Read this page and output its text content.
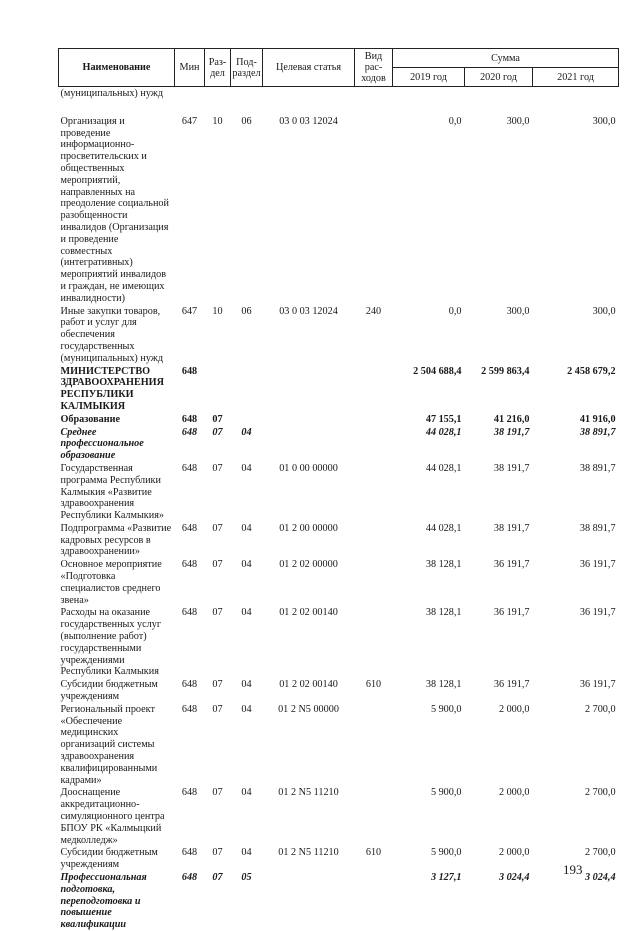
Наименование	Мин	Раз-дел	Под-раздел	Целевая статья	Вид рас-ходов	Сумма		
						2019 год	2020 год	2021 год
(муниципальных) нужд								

Организация и проведение информационно-просветительских и общественных мероприятий, направленных на преодоление социальной разобщенности инвалидов (Организация и проведение совместных (интегративных) мероприятий инвалидов и граждан, не имеющих инвалидности)	647	10	06	03 0 03 12024		0,0	300,0	300,0
Иные закупки товаров, работ и услуг для обеспечения государственных (муниципальных) нужд	647	10	06	03 0 03 12024	240	0,0	300,0	300,0
МИНИСТЕРСТВО ЗДРАВООХРАНЕНИЯ РЕСПУБЛИКИ КАЛМЫКИЯ	648					2 504 688,4	2 599 863,4	2 458 679,2
Образование	648	07				47 155,1	41 216,0	41 916,0
Среднее профессиональное образование	648	07	04			44 028,1	38 191,7	38 891,7
Государственная программа Республики Калмыкия «Развитие здравоохранения Республики Калмыкия»	648	07	04	01 0 00 00000		44 028,1	38 191,7	38 891,7
Подпрограмма «Развитие кадровых ресурсов в здравоохранении»	648	07	04	01 2 00 00000		44 028,1	38 191,7	38 891,7
Основное мероприятие «Подготовка специалистов среднего звена»	648	07	04	01 2 02 00000		38 128,1	36 191,7	36 191,7
Расходы на оказание государственных услуг (выполнение работ) государственными учреждениями Республики Калмыкия	648	07	04	01 2 02 00140		38 128,1	36 191,7	36 191,7
Субсидии бюджетным учреждениям	648	07	04	01 2 02 00140	610	38 128,1	36 191,7	36 191,7
Региональный проект «Обеспечение медицинских организаций системы здравоохранения квалифицированными кадрами»	648	07	04	01 2 N5 00000		5 900,0	2 000,0	2 700,0
Дооснащение аккредитационно-симуляционного центра БПОУ РК «Калмыцкий медколледж»	648	07	04	01 2 N5 11210		5 900,0	2 000,0	2 700,0
Субсидии бюджетным учреждениям	648	07	04	01 2 N5 11210	610	5 900,0	2 000,0	2 700,0
Профессиональная подготовка, переподготовка и повышение квалификации	648	07	05			3 127,1	3 024,4	3 024,4
193
